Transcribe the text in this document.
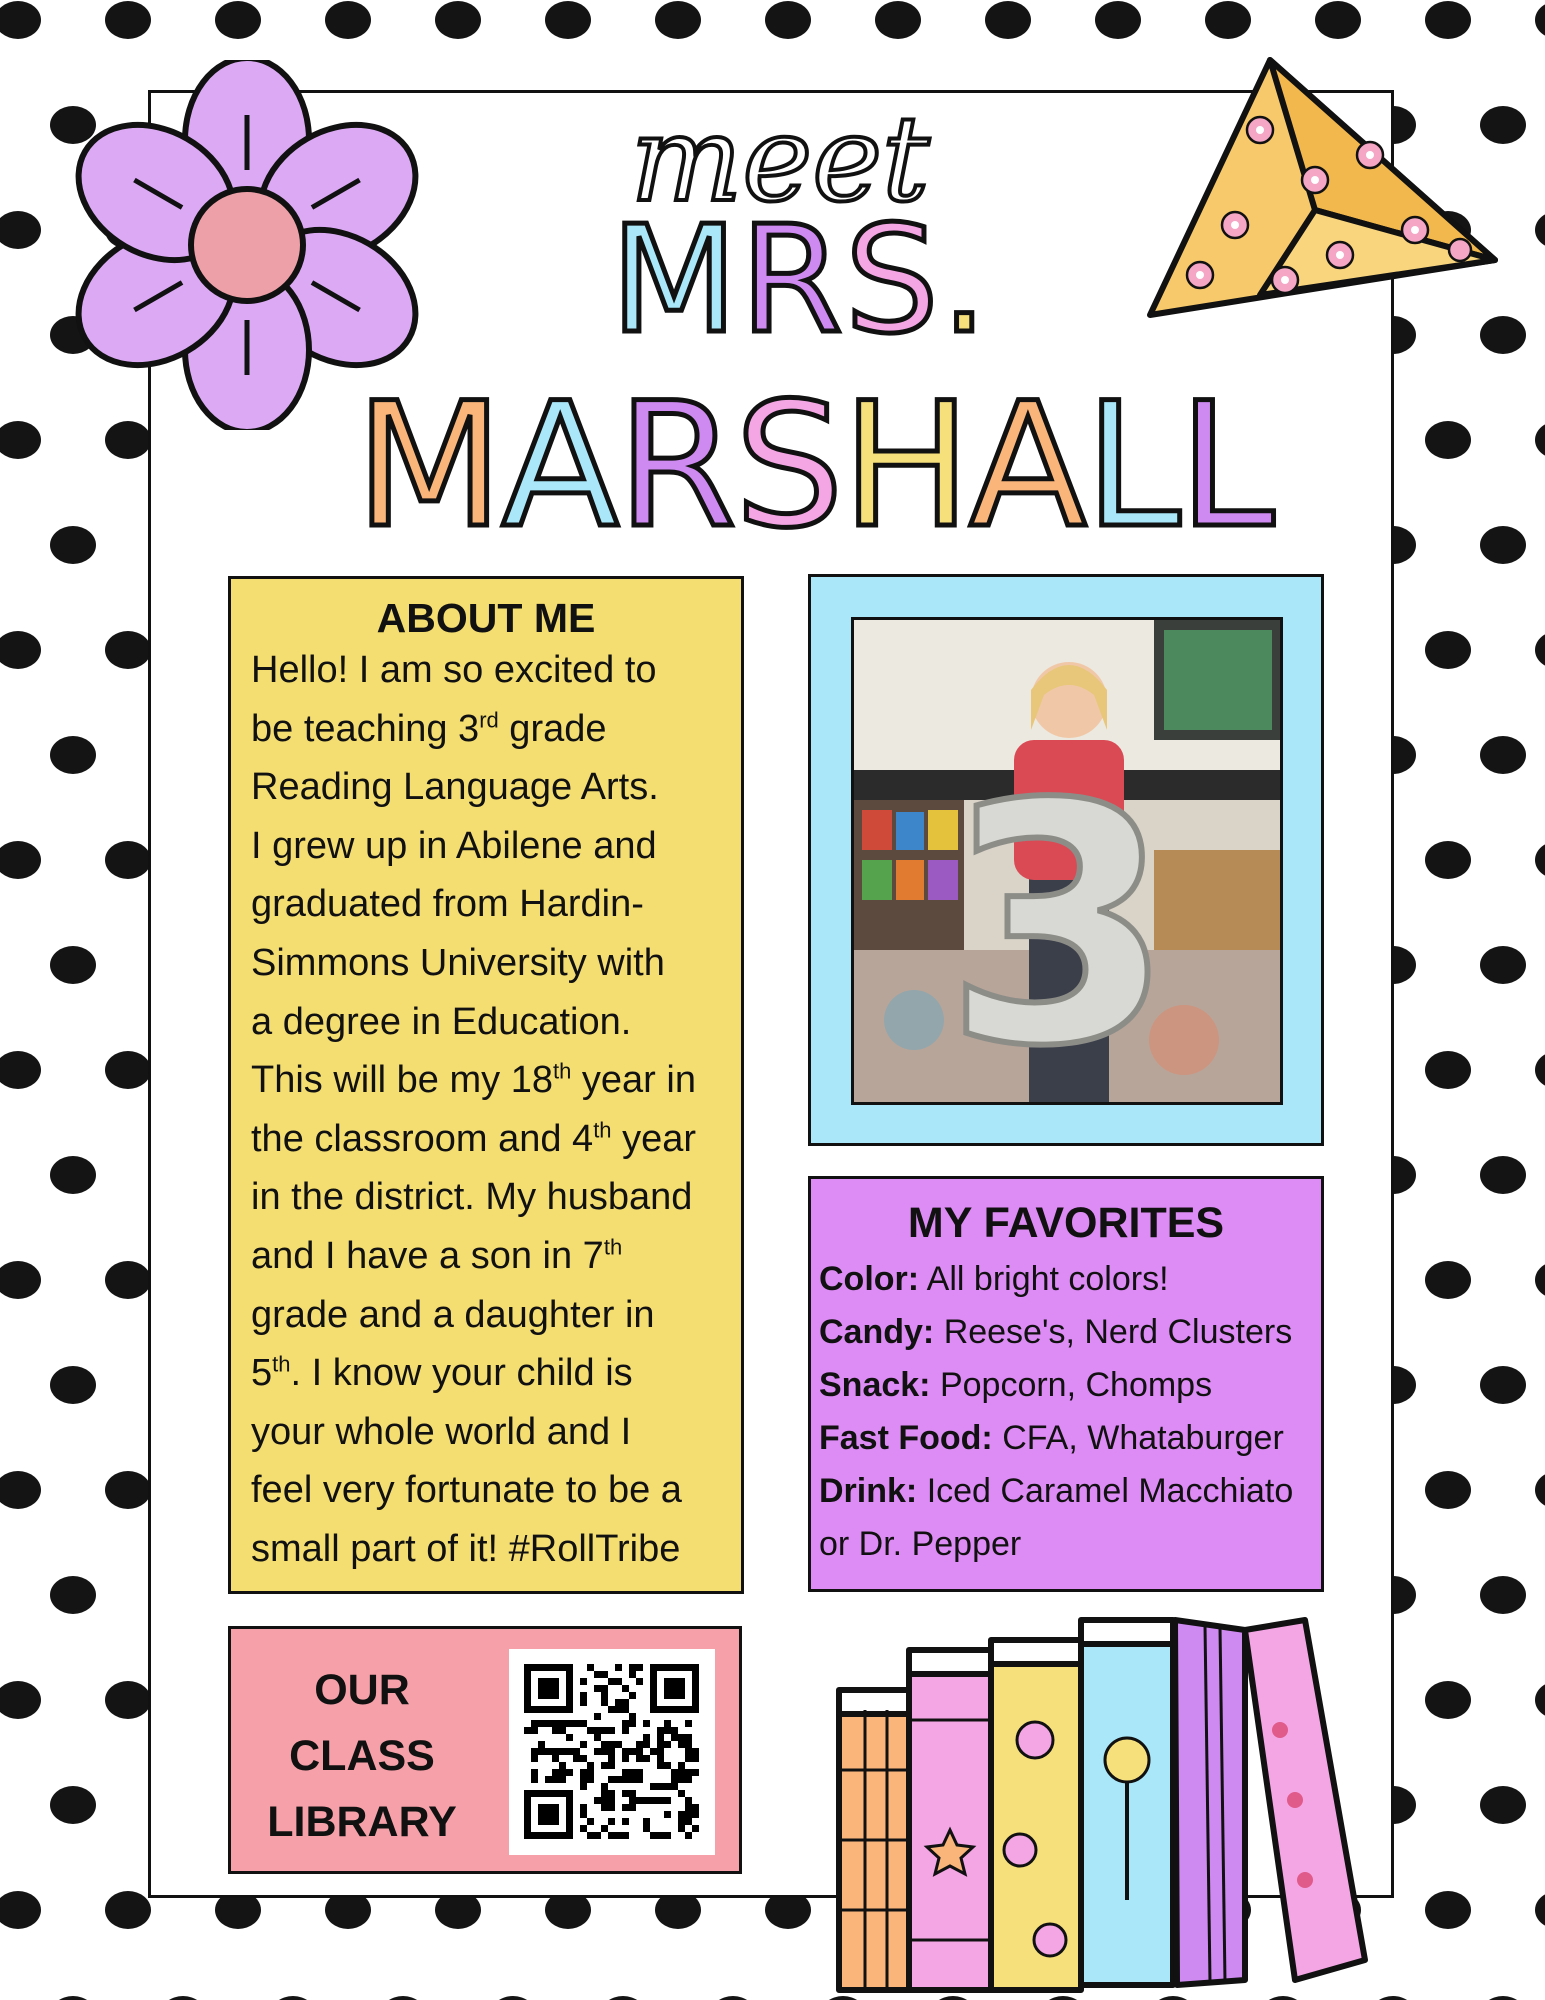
meet
MRS.
MARSHALL
ABOUT ME

Hello! I am so excited to
be teaching 3rd grade
Reading Language Arts.
I grew up in Abilene and
graduated from Hardin-
Simmons University with
a degree in Education.
This will be my 18th year in
the classroom and 4th year
in the district. My husband
and I have a son in 7th
grade and a daughter in
5th. I know your child is
your whole world and I
feel very fortunate to be a
small part of it! #RollTribe

3
MY FAVORITES
Color: All bright colors!
Candy: Reese's, Nerd Clusters
Snack: Popcorn, Chomps
Fast Food: CFA, Whataburger
Drink: Iced Caramel Macchiato
or Dr. Pepper
OUR
CLASS
LIBRARY
